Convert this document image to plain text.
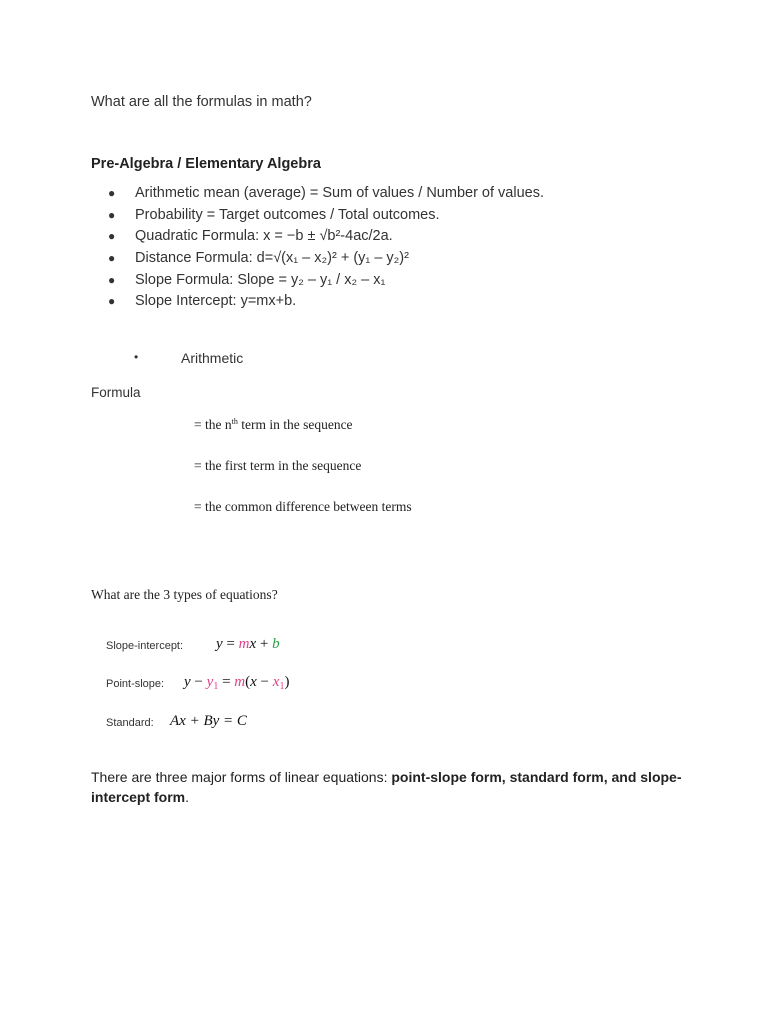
What are all the formulas in math?
Pre-Algebra / Elementary Algebra
● Arithmetic mean (average) = Sum of values / Number of values.
● Probability = Target outcomes / Total outcomes.
● Quadratic Formula: x = −b ± √b²-4ac/2a.
● Distance Formula: d=√(x₁ – x₂)² + (y₁ – y₂)²
● Slope Formula: Slope = y₂ – y₁ / x₂ – x₁
● Slope Intercept: y=mx+b.
•	Arithmetic
Formula
= the $n^{th}$ term in the sequence
= the first term in the sequence
= the common difference between terms
What are the 3 types of equations?
Slope-intercept: y = mx + b
Point-slope: $y - y_1 = m(x - x_1)$
Standard: Ax + By = C
There are three major forms of linear equations: point-slope form, standard form, and slope-intercept form.
